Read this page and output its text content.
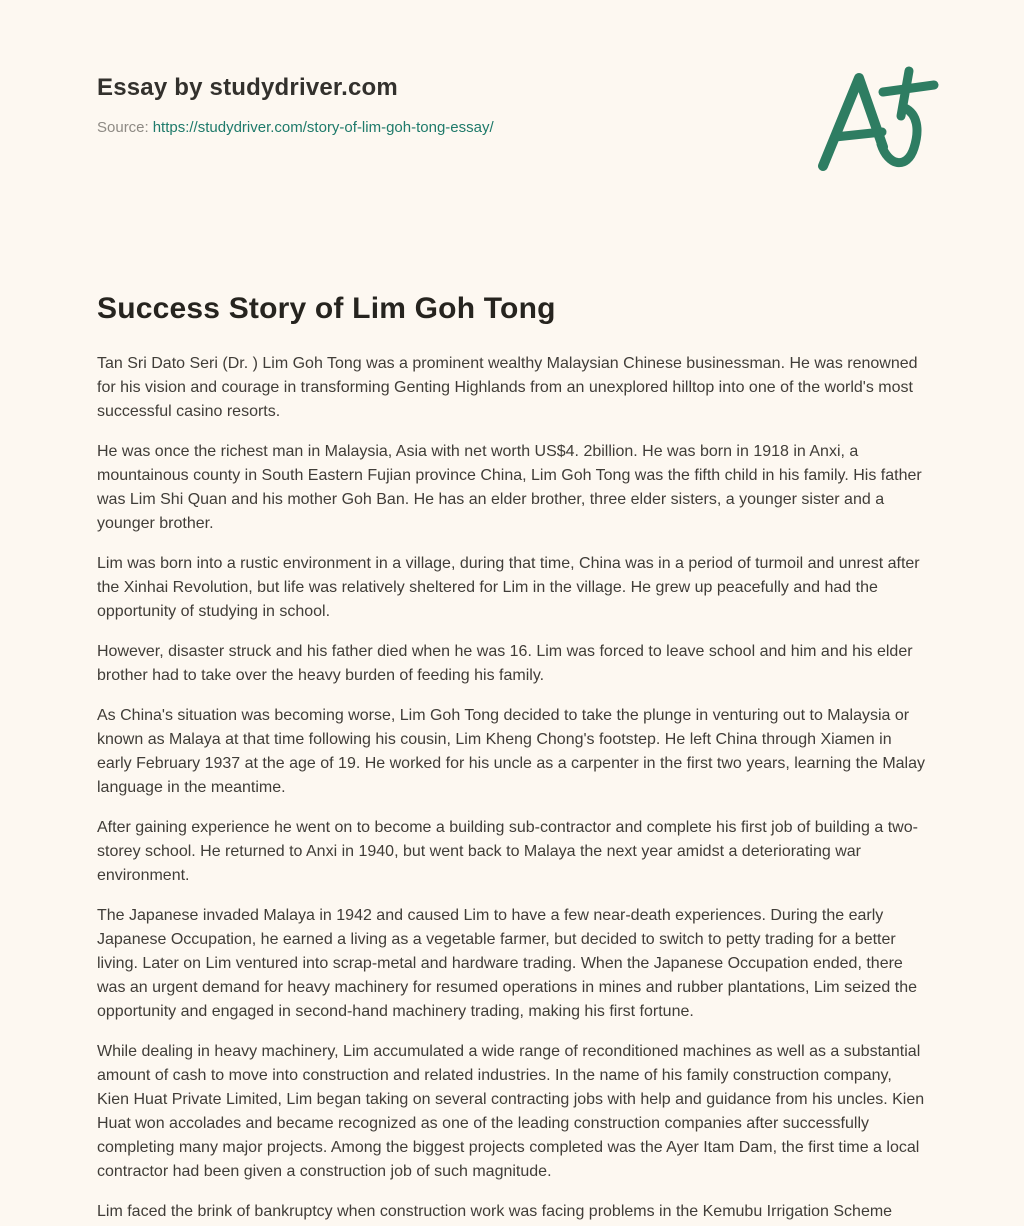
Essay by studydriver.com
Source: https://studydriver.com/story-of-lim-goh-tong-essay/
Success Story of Lim Goh Tong

Tan Sri Dato Seri (Dr. ) Lim Goh Tong was a prominent wealthy Malaysian Chinese businessman. He was renowned for his vision and courage in transforming Genting Highlands from an unexplored hilltop into one of the world's most successful casino resorts.

He was once the richest man in Malaysia, Asia with net worth US$4. 2billion. He was born in 1918 in Anxi, a mountainous county in South Eastern Fujian province China, Lim Goh Tong was the fifth child in his family. His father was Lim Shi Quan and his mother Goh Ban. He has an elder brother, three elder sisters, a younger sister and a younger brother.

Lim was born into a rustic environment in a village, during that time, China was in a period of turmoil and unrest after the Xinhai Revolution, but life was relatively sheltered for Lim in the village. He grew up peacefully and had the opportunity of studying in school.

However, disaster struck and his father died when he was 16. Lim was forced to leave school and him and his elder brother had to take over the heavy burden of feeding his family.

As China's situation was becoming worse, Lim Goh Tong decided to take the plunge in venturing out to Malaysia or known as Malaya at that time following his cousin, Lim Kheng Chong's footstep. He left China through Xiamen in early February 1937 at the age of 19. He worked for his uncle as a carpenter in the first two years, learning the Malay language in the meantime.

After gaining experience he went on to become a building sub-contractor and complete his first job of building a two-storey school. He returned to Anxi in 1940, but went back to Malaya the next year amidst a deteriorating war environment.

The Japanese invaded Malaya in 1942 and caused Lim to have a few near-death experiences. During the early Japanese Occupation, he earned a living as a vegetable farmer, but decided to switch to petty trading for a better living. Later on Lim ventured into scrap-metal and hardware trading. When the Japanese Occupation ended, there was an urgent demand for heavy machinery for resumed operations in mines and rubber plantations, Lim seized the opportunity and engaged in second-hand machinery trading, making his first fortune.

While dealing in heavy machinery, Lim accumulated a wide range of reconditioned machines as well as a substantial amount of cash to move into construction and related industries. In the name of his family construction company, Kien Huat Private Limited, Lim began taking on several contracting jobs with help and guidance from his uncles. Kien Huat won accolades and became recognized as one of the leading construction companies after successfully completing many major projects. Among the biggest projects completed was the Ayer Itam Dam, the first time a local contractor had been given a construction job of such magnitude.

Lim faced the brink of bankruptcy when construction work was facing problems in the Kemubu Irrigation Scheme
